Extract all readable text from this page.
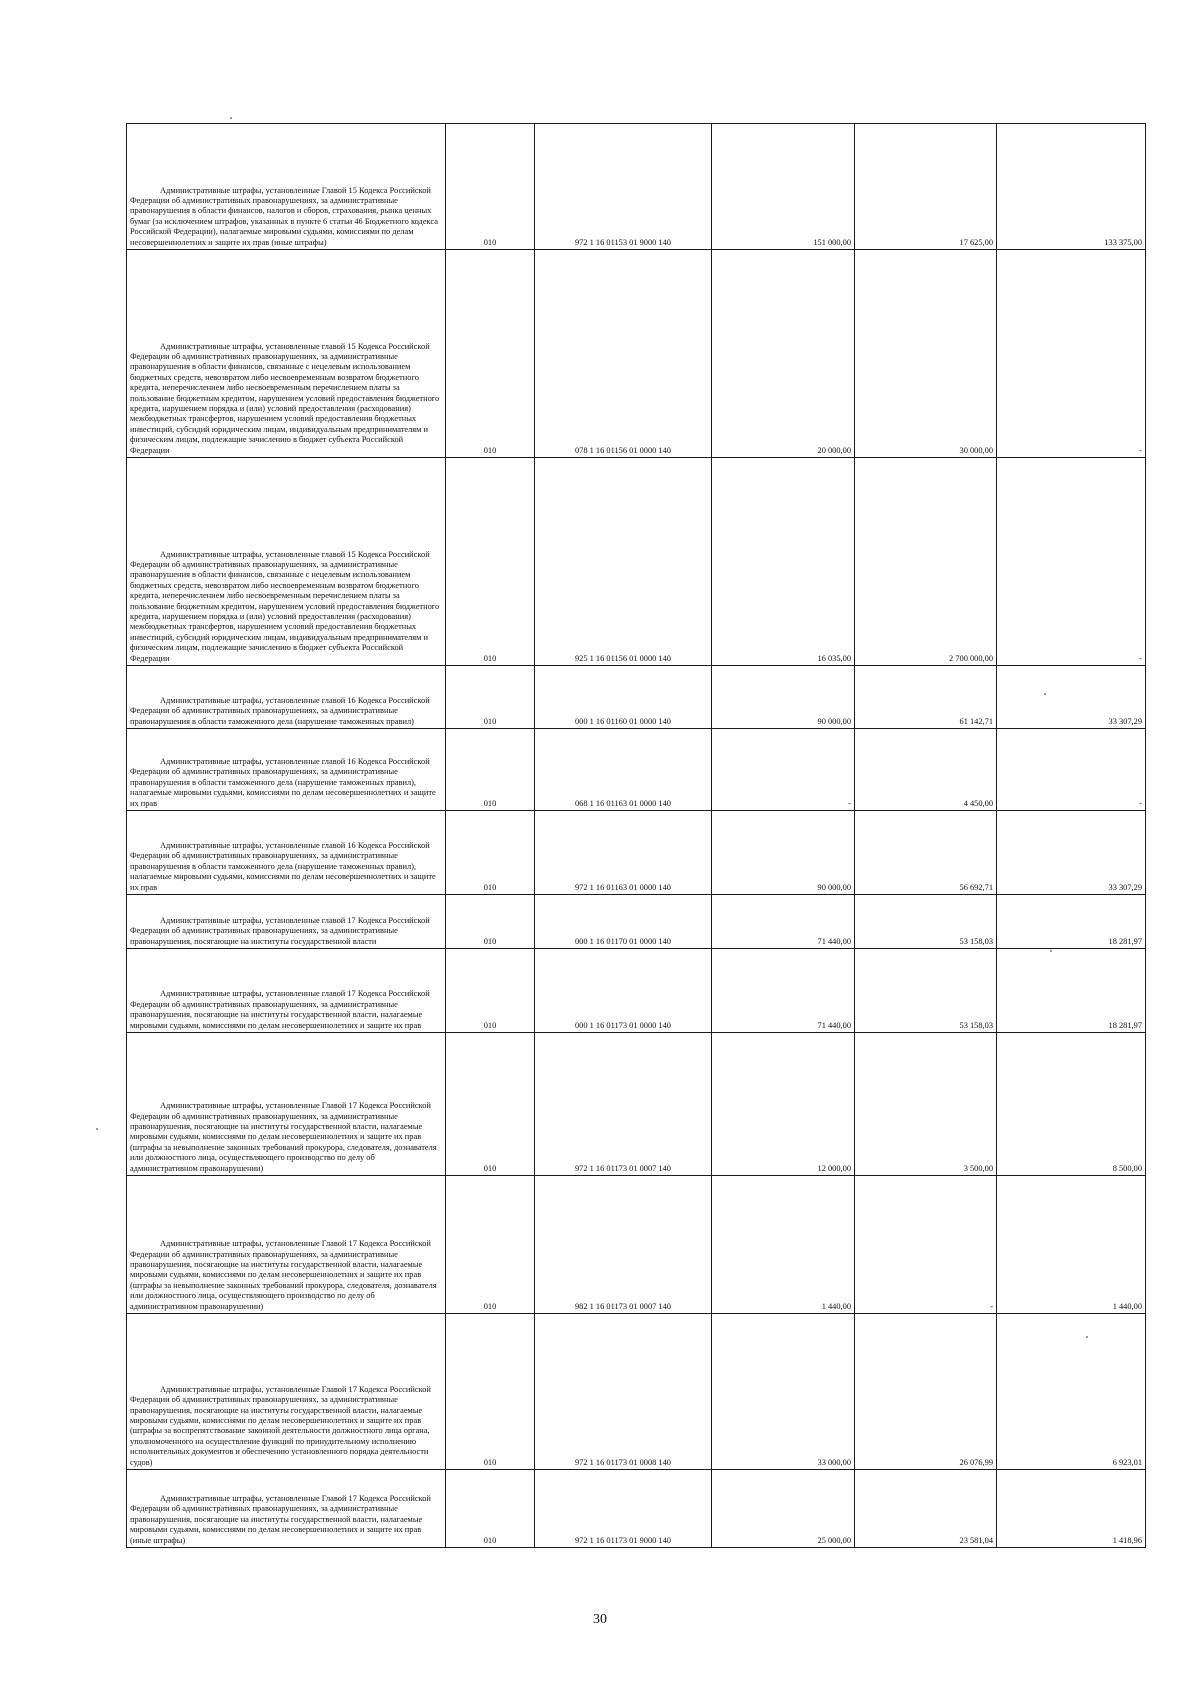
Административные штрафы, установленные Главой 15 Кодекса Российской Федерации об административных правонарушениях, за административные правонарушения в области финансов, налогов и сборов, страхования, рынка ценных бумаг (за исключением штрафов, указанных в пункте 6 статьи 46 Бюджетного кодекса Российской Федерации), налагаемые мировыми судьями, комиссиями по делам несовершеннолетних и защите их прав (иные штрафы)	010	972 1 16 01153 01 9000 140	151 000,00	17 625,00	133 375,00
Административные штрафы, установленные главой 15 Кодекса Российской Федерации об административных правонарушениях, за административные правонарушения в области финансов, связанные с нецелевым использованием бюджетных средств, невозвратом либо несвоевременным возвратом бюджетного кредита, неперечислением либо несвоевременным перечислением платы за пользование бюджетным кредитом, нарушением условий предоставления бюджетного кредита, нарушением порядка и (или) условий предоставления (расходования) межбюджетных трансфертов, нарушением условий предоставления бюджетных инвестиций, субсидий юридическим лицам, индивидуальным предпринимателям и физическим лицам, подлежащие зачислению в бюджет субъекта Российской Федерации	010	078 1 16 01156 01 0000 140	20 000,00	30 000,00	-
Административные штрафы, установленные главой 15 Кодекса Российской Федерации об административных правонарушениях, за административные правонарушения в области финансов, связанные с нецелевым использованием бюджетных средств, невозвратом либо несвоевременным возвратом бюджетного кредита, неперечислением либо несвоевременным перечислением платы за пользование бюджетным кредитом, нарушением условий предоставления бюджетного кредита, нарушением порядка и (или) условий предоставления (расходования) межбюджетных трансфертов, нарушением условий предоставления бюджетных инвестиций, субсидий юридическим лицам, индивидуальным предпринимателям и физическим лицам, подлежащие зачислению в бюджет субъекта Российской Федерации	010	925 1 16 01156 01 0000 140	16 035,00	2 700 000,00	-
Административные штрафы, установленные главой 16 Кодекса Российской Федерации об административных правонарушениях, за административные правонарушения в области таможенного дела (нарушение таможенных правил)	010	000 1 16 01160 01 0000 140	90 000,00	61 142,71	33 307,29
Административные штрафы, установленные главой 16 Кодекса Российской Федерации об административных правонарушениях, за административные правонарушения в области таможенного дела (нарушение таможенных правил), налагаемые мировыми судьями, комиссиями по делам несовершеннолетних и защите их прав	010	068 1 16 01163 01 0000 140	-	4 450,00	-
Административные штрафы, установленные главой 16 Кодекса Российской Федерации об административных правонарушениях, за административные правонарушения в области таможенного дела (нарушение таможенных правил), налагаемые мировыми судьями, комиссиями по делам несовершеннолетних и защите их прав	010	972 1 16 01163 01 0000 140	90 000,00	56 692,71	33 307,29
Административные штрафы, установленные главой 17 Кодекса Российской Федерации об административных правонарушениях, за административные правонарушения, посягающие на институты государственной власти	010	000 1 16 01170 01 0000 140	71 440,00	53 158,03	18 281,97
Административные штрафы, установленные главой 17 Кодекса Российской Федерации об административных правонарушениях, за административные правонарушения, посягающие на институты государственной власти, налагаемые мировыми судьями, комиссиями по делам несовершеннолетних и защите их прав	010	000 1 16 01173 01 0000 140	71 440,00	53 158,03	18 281,97
Административные штрафы, установленные Главой 17 Кодекса Российской Федерации об административных правонарушениях, за административные правонарушения, посягающие на институты государственной власти, налагаемые мировыми судьями, комиссиями по делам несовершеннолетних и защите их прав (штрафы за невыполнение законных требований прокурора, следователя, дознавателя или должностного лица, осуществляющего производство по делу об административном правонарушении)	010	972 1 16 01173 01 0007 140	12 000,00	3 500,00	8 500,00
Административные штрафы, установленные Главой 17 Кодекса Российской Федерации об административных правонарушениях, за административные правонарушения, посягающие на институты государственной власти, налагаемые мировыми судьями, комиссиями по делам несовершеннолетних и защите их прав (штрафы за невыполнение законных требований прокурора, следователя, дознавателя или должностного лица, осуществляющего производство по делу об административном правонарушении)	010	982 1 16 01173 01 0007 140	1 440,00	-	1 440,00
Административные штрафы, установленные Главой 17 Кодекса Российской Федерации об административных правонарушениях, за административные правонарушения, посягающие на институты государственной власти, налагаемые мировыми судьями, комиссиями по делам несовершеннолетних и защите их прав (штрафы за воспрепятствование законной деятельности должностного лица органа, уполномоченного на осуществление функций по принудительному исполнению исполнительных документов и обеспечению установленного порядка деятельности судов)	010	972 1 16 01173 01 0008 140	33 000,00	26 076,99	6 923,01
Административные штрафы, установленные Главой 17 Кодекса Российской Федерации об административных правонарушениях, за административные правонарушения, посягающие на институты государственной власти, налагаемые мировыми судьями, комиссиями по делам несовершеннолетних и защите их прав (иные штрафы)	010	972 1 16 01173 01 9000 140	25 000,00	23 581,04	1 418,96
30
